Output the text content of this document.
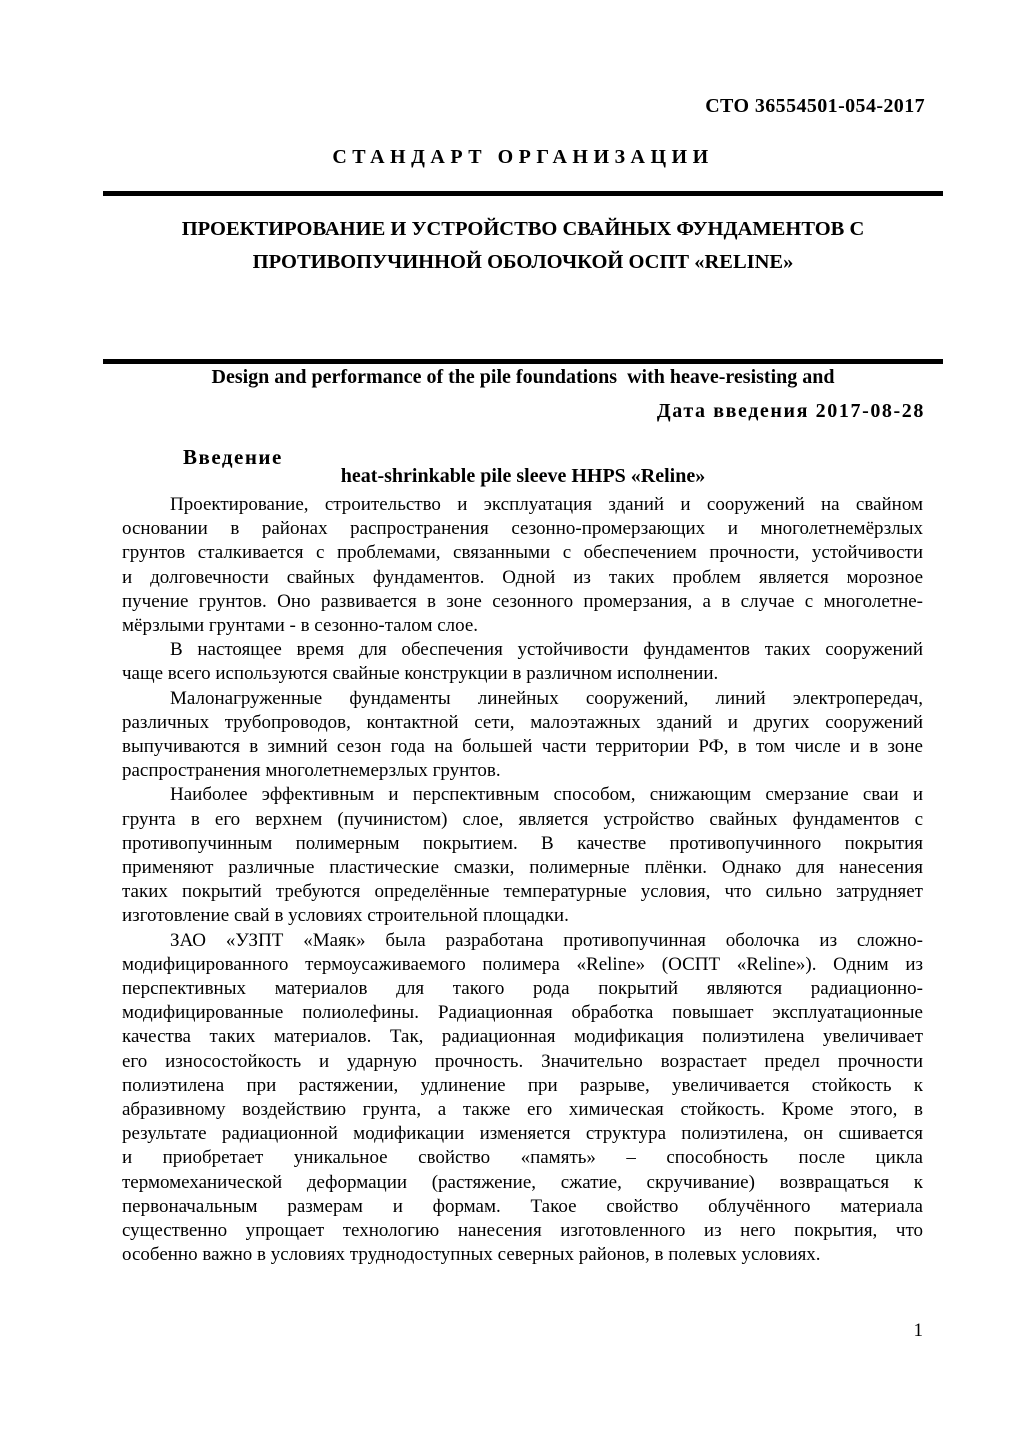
СТО 36554501-054-2017
СТАНДАРТ ОРГАНИЗАЦИИ
ПРОЕКТИРОВАНИЕ И УСТРОЙСТВО СВАЙНЫХ ФУНДАМЕНТОВ С
ПРОТИВОПУЧИННОЙ ОБОЛОЧКОЙ ОСПТ «RELINE»

Design and performance of the pile foundations  with heave-resisting and

heat-shrinkable pile sleeve HHPS «Reline»

Дата введения 2017-08-28
Введение
Проектирование, строительство и эксплуатация зданий и сооружений на свайном
основании в районах распространения сезонно-промерзающих и многолетнемёрзлых
грунтов сталкивается с проблемами, связанными с обеспечением прочности, устойчивости
и долговечности свайных фундаментов. Одной из таких проблем является морозное
пучение грунтов. Оно развивается в зоне сезонного промерзания, а в случае с многолетне-
мёрзлыми грунтами - в сезонно-талом слое.
В настоящее время для обеспечения устойчивости фундаментов таких сооружений
чаще всего используются свайные конструкции в различном исполнении.
Малонагруженные фундаменты линейных сооружений, линий электропередач,
различных трубопроводов, контактной сети, малоэтажных зданий и других сооружений
выпучиваются в зимний сезон года на большей части территории РФ, в том числе и в зоне
распространения многолетнемерзлых грунтов.
Наиболее эффективным и перспективным способом, снижающим смерзание сваи и
грунта в его верхнем (пучинистом) слое, является устройство свайных фундаментов с
противопучинным полимерным покрытием. В качестве противопучинного покрытия
применяют различные пластические смазки, полимерные плёнки. Однако для нанесения
таких покрытий требуются определённые температурные условия, что сильно затрудняет
изготовление свай в условиях строительной площадки.
ЗАО «УЗПТ «Маяк» была разработана противопучинная оболочка из сложно-
модифицированного термоусаживаемого полимера «Reline» (ОСПТ «Reline»). Одним из
перспективных материалов для такого рода покрытий являются радиационно-
модифицированные полиолефины. Радиационная обработка повышает эксплуатационные
качества таких материалов. Так, радиационная модификация полиэтилена увеличивает
его износостойкость и ударную прочность. Значительно возрастает предел прочности
полиэтилена при растяжении, удлинение при разрыве, увеличивается стойкость к
абразивному воздействию грунта, а также его химическая стойкость. Кроме этого, в
результате радиационной модификации изменяется структура полиэтилена, он сшивается
и приобретает уникальное свойство «память» – способность после цикла
термомеханической деформации (растяжение, сжатие, скручивание) возвращаться к
первоначальным размерам и формам. Такое свойство облучённого материала
существенно упрощает технологию нанесения изготовленного из него покрытия, что
особенно важно в условиях труднодоступных северных районов, в полевых условиях.
1
